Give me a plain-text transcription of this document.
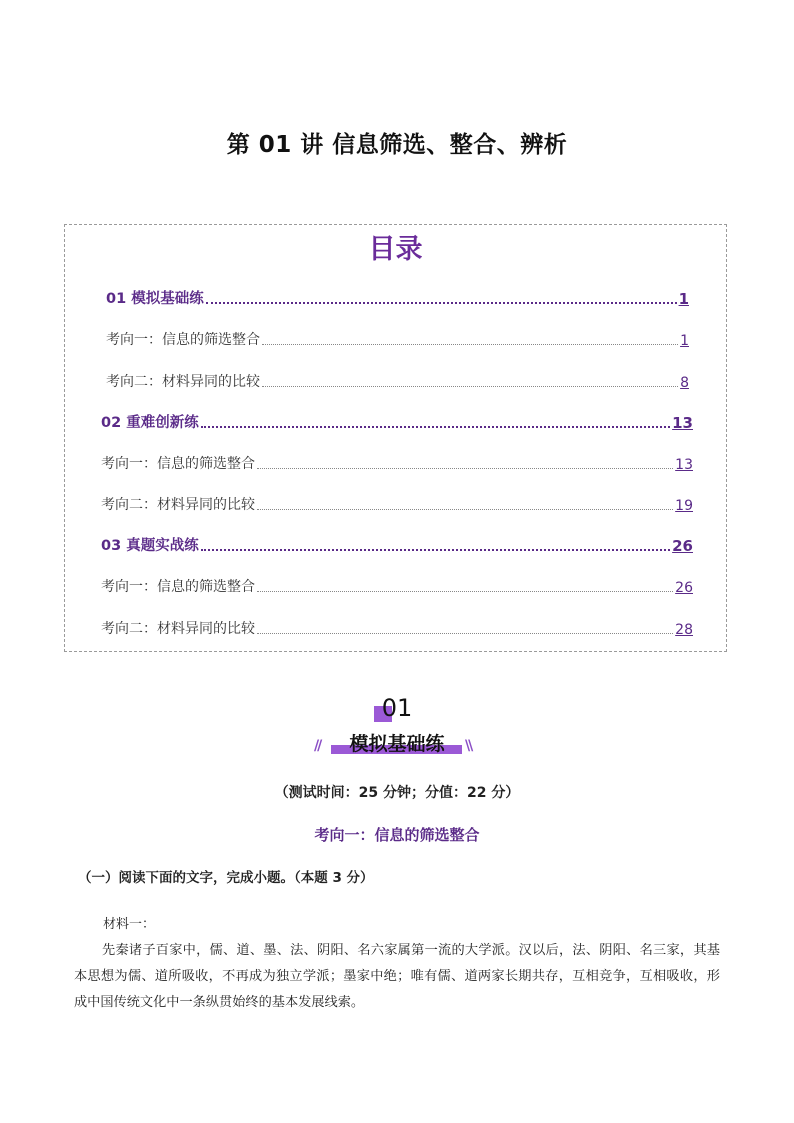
第 01 讲 信息筛选、整合、辨析
目录
01 模拟基础练	1
考向一：信息的筛选整合	1
考向二：材料异同的比较	8
02 重难创新练	13
考向一：信息的筛选整合	13
考向二：材料异同的比较	19
03 真题实战练	26
考向一：信息的筛选整合	26
考向二：材料异同的比较	28
01
//	\\
模拟基础练
（测试时间：25 分钟；分值：22 分）
考向一：信息的筛选整合
（一）阅读下面的文字，完成小题。（本题 3 分）
材料一：
先秦诸子百家中，儒、道、墨、法、阴阳、名六家属第一流的大学派。汉以后，法、阴阳、名三家，其基本思想为儒、道所吸收，不再成为独立学派；墨家中绝；唯有儒、道两家长期共存，互相竞争，互相吸收，形成中国传统文化中一条纵贯始终的基本发展线索。
